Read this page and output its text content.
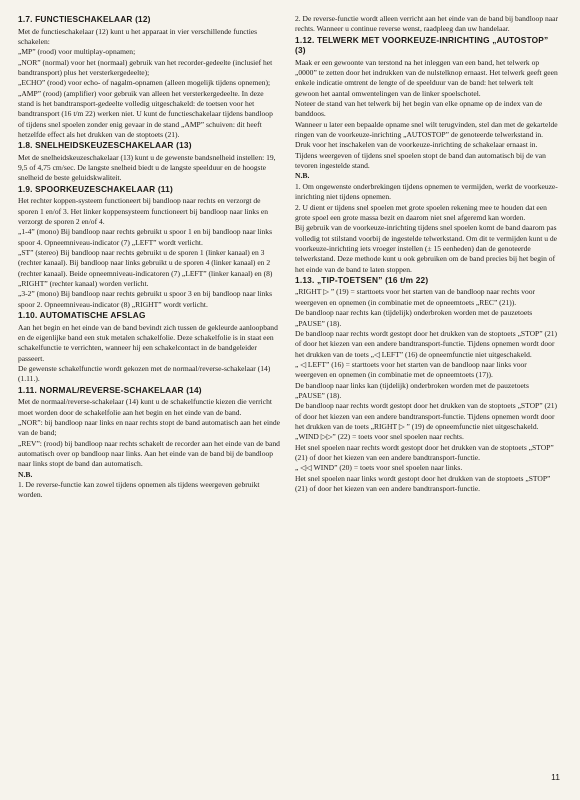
1.7. FUNCTIESCHAKELAAR (12)

Met de functieschakelaar (12) kunt u het apparaat in vier verschillende functies schakelen:

„MP” (rood) voor multiplay-opnamen;

„NOR” (normal) voor het (normaal) gebruik van het recorder-gedeelte (inclusief het bandtransport) plus het versterkergedeelte);

„ECHO” (rood) voor echo- of nagalm-opnamen (alleen mogelijk tijdens opnemen);

„AMP” (rood) (amplifier) voor gebruik van alleen het versterkergedeelte. In deze stand is het bandtransport-gedeelte volledig uitgeschakeld: de toetsen voor het bandtransport (16 t/m 22) werken niet. U kunt de functieschakelaar tijdens bandloop of tijdens snel spoelen zonder enig gevaar in de stand „AMP” schuiven: dit heeft hetzelfde effect als het drukken van de stoptoets (21).

1.8. SNELHEIDSKEUZESCHAKELAAR (13)

Met de snelheidskeuzeschakelaar (13) kunt u de gewenste bandsnelheid instellen: 19, 9,5 of 4,75 cm/sec. De langste snelheid biedt u de langste speelduur en de hoogste snelheid de beste geluidskwaliteit.

1.9. SPOORKEUZESCHAKELAAR (11)

Het rechter koppen-systeem functioneert bij bandloop naar rechts en verzorgt de sporen 1 en/of 3. Het linker koppensysteem functioneert bij bandloop naar links en verzorgt de sporen 2 en/of 4.

„1-4” (mono) Bij bandloop naar rechts gebruikt u spoor 1 en bij bandloop naar links spoor 4. Opneemniveau-indicator (7) „LEFT” wordt verlicht.

„ST” (stereo) Bij bandloop naar rechts gebruikt u de sporen 1 (linker kanaal) en 3 (rechter kanaal). Bij bandloop naar links gebruikt u de sporen 4 (linker kanaal) en 2 (rechter kanaal). Beide opneemniveau-indicatoren (7) „LEFT” (linker kanaal) en (8) „RIGHT” (rechter kanaal) worden verlicht.

„3-2” (mono) Bij bandloop naar rechts gebruikt u spoor 3 en bij bandloop naar links spoor 2. Opneemniveau-indicator (8) „RIGHT” wordt verlicht.

1.10. AUTOMATISCHE AFSLAG

Aan het begin en het einde van de band bevindt zich tussen de gekleurde aanloopband en de eigenlijke band een stuk metalen schakelfolie. Deze schakelfolie is in staat een schakelfunctie te verrichten, wanneer hij een schakelcontact in de bandgeleider passeert.

De gewenste schakelfunctie wordt gekozen met de normaal/reverse-schakelaar (14) (1.11.).

1.11. NORMAL/REVERSE-SCHAKELAAR (14)

Met de normaal/reverse-schakelaar (14) kunt u de schakelfunctie kiezen die verricht moet worden door de schakelfolie aan het begin en het einde van de band.

„NOR”: bij bandloop naar links en naar rechts stopt de band automatisch aan het einde van de band;

„REV”: (rood) bij bandloop naar rechts schakelt de recorder aan het einde van de band automatisch over op bandloop naar links. Aan het einde van de band bij de bandloop naar links stopt de band dan automatisch.

N.B.

1. De reverse-functie kan zowel tijdens opnemen als tijdens weergeven gebruikt worden.

2. De reverse-functie wordt alleen verricht aan het einde van de band bij bandloop naar rechts. Wanneer u continue reverse wenst, raadpleeg dan uw handelaar.

1.12. TELWERK MET VOORKEUZE-INRICHTING „AUTOSTOP” (3)

Maak er een gewoonte van terstond na het inleggen van een band, het telwerk op „0000” te zetten door het indrukken van de nulstelknop ernaast. Het telwerk geeft geen enkele indicatie omtrent de lengte of de speelduur van de band: het telwerk telt gewoon het aantal omwentelingen van de linker spoelschotel.

Noteer de stand van het telwerk bij het begin van elke opname op de index van de banddoos.

Wanneer u later een bepaalde opname snel wilt terugvinden, stel dan met de gekartelde ringen van de voorkeuze-inrichting „AUTOSTOP” de genoteerde telwerkstand in.

Druk voor het inschakelen van de voorkeuze-inrichting de schakelaar ernaast in. Tijdens weergeven of tijdens snel spoelen stopt de band dan automatisch bij de van tevoren ingestelde stand.

N.B.

1. Om ongewenste onderbrekingen tijdens opnemen te vermijden, werkt de voorkeuze-inrichting niet tijdens opnemen.

2. U dient er tijdens snel spoelen met grote spoelen rekening mee te houden dat een grote spoel een grote massa bezit en daarom niet snel afgeremd kan worden.

Bij gebruik van de voorkeuze-inrichting tijdens snel spoelen komt de band daarom pas volledig tot stilstand voorbij de ingestelde telwerkstand. Om dit te vermijden kunt u de voorkeuze-inrichting iets vroeger instellen (± 15 eenheden) dan de genoteerde telwerkstand. Deze methode kunt u ook gebruiken om de band precies bij het begin of het einde van de band te laten stoppen.

1.13. „TIP-TOETSEN” (16 t/m 22)

„RIGHT ▷ ” (19) = starttoets voor het starten van de bandloop naar rechts voor weergeven en opnemen (in combinatie met de opneemtoets „REC” (21)).

De bandloop naar rechts kan (tijdelijk) onderbroken worden met de pauzetoets „PAUSE” (18).

De bandloop naar rechts wordt gestopt door het drukken van de stoptoets „STOP” (21) of door het kiezen van een andere bandtransport-functie. Tijdens opnemen wordt door het drukken van de toets „◁ LEFT” (16) de opneemfunctie niet uitgeschakeld.

„ ◁ LEFT” (16) = starttoets voor het starten van de bandloop naar links voor weergeven en opnemen (in combinatie met de opneemtoets (17)).

De bandloop naar links kan (tijdelijk) onderbroken worden met de pauzetoets „PAUSE” (18).

De bandloop naar rechts wordt gestopt door het drukken van de stoptoets „STOP” (21) of door het kiezen van een andere bandtransport-functie. Tijdens opnemen wordt door het drukken van de toets „RIGHT ▷ ” (19) de opneemfunctie niet uitgeschakeld.

„WIND ▷▷” (22) = toets voor snel spoelen naar rechts.

Het snel spoelen naar rechts wordt gestopt door het drukken van de stoptoets „STOP” (21) of door het kiezen van een andere bandtransport-functie.

„ ◁◁ WIND” (20) = toets voor snel spoelen naar links.

Het snel spoelen naar links wordt gestopt door het drukken van de stoptoets „STOP” (21) of door het kiezen van een andere bandtransport-functie.

11
